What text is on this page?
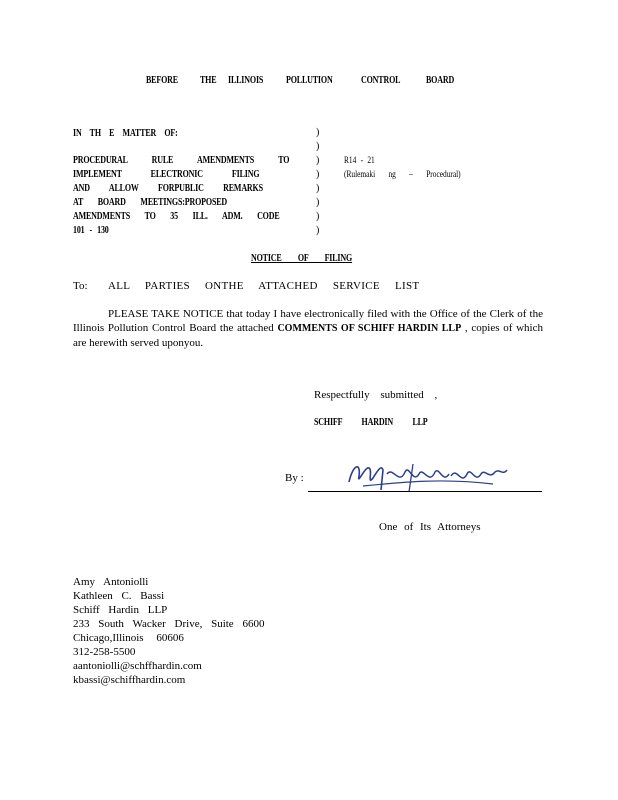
BEFORE THE ILLINOIS POLLUTION	CONTROL	BOARD
IN TH E MATTER OF:
PROCEDURAL RULE AMENDMENTS TO
IMPLEMENT ELECTRONIC FILING
AND ALLOW FORPUBLIC REMARKS
AT BOARD MEETINGS:PROPOSED
AMENDMENTS TO 35 ILL. ADM. CODE
101 - 130
)
)
)
)
)
)
)
)
R14 - 21
(Rulemaki ng – Procedural)
NOTICE OF FILING
To: ALL PARTIES ONTHE ATTACHED SERVICE LIST
PLEASE TAKE NOTICE that today I have electronically filed with the Office of the Clerk of the Illinois Pollution Control Board the attached COMMENTS OF SCHIFF HARDIN LLP , copies of which are herewith served uponyou.
Respectfully submitted ,
SCHIFF HARDIN LLP
By :
One of Its Attorneys
Amy Antoniolli
Kathleen C. Bassi
Schiff Hardin LLP
233 South Wacker Drive, Suite 6600
Chicago,Illinois 60606
312-258-5500
aantoniolli@schffhardin.com
kbassi@schiffhardin.com
